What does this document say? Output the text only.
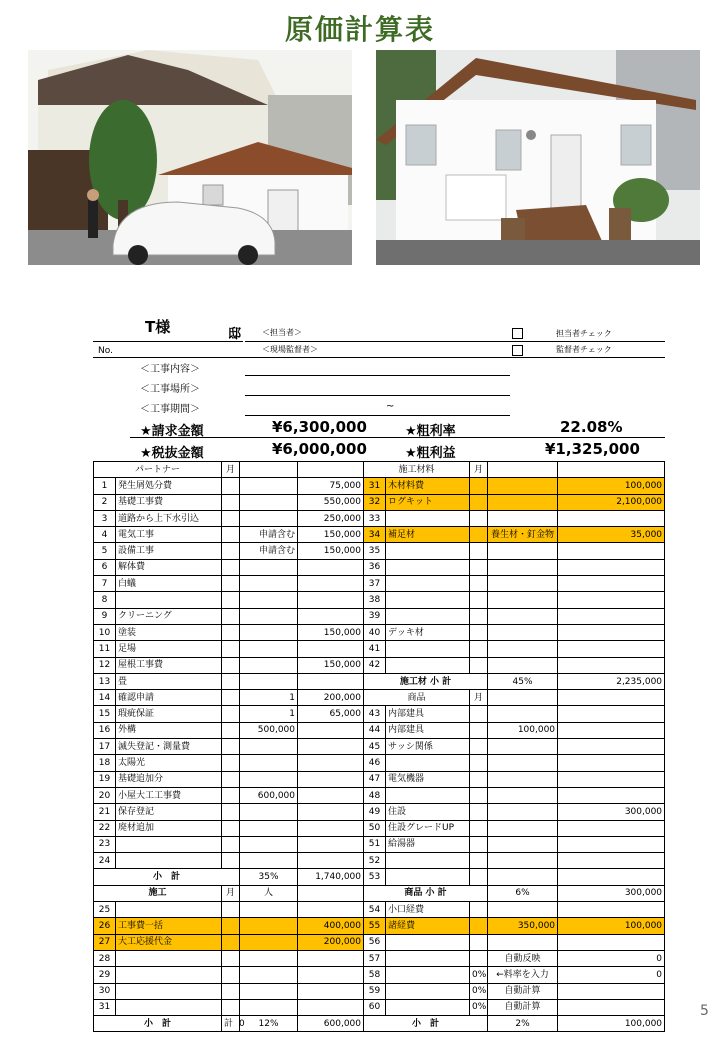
原価計算表
T様	邸	＜担当者＞	担当者チェック
No.	＜現場監督者＞	監督者チェック
＜工事内容＞
＜工事場所＞
＜工事期間＞	~
★請求金額	¥6,300,000	★粗利率	22.08%
★税抜金額	¥6,000,000	★粗利益	¥1,325,000
パートナー		月			施工材料		月		
1	発生屑処分費			75,000	31	木材料費			100,000
2	基礎工事費			550,000	32	ログキット			2,100,000
3	道路から上下水引込			250,000	33				
4	電気工事		申請含む	150,000	34	補足材		養生材・釘金物	35,000
5	設備工事		申請含む	150,000	35				
6	解体費				36				
7	白蟻				37				
8					38				
9	クリーニング				39				
10	塗装			150,000	40	デッキ材			
11	足場				41				
12	屋根工事費			150,000	42				
13	畳				施工材 小 計			45%	2,235,000
14	確認申請		1	200,000	商品		月		
15	瑕疵保証		1	65,000	43	内部建具			
16	外構		500,000		44	内部建具		100,000	
17	滅失登記・測量費				45	サッシ関係			
18	太陽光				46				
19	基礎追加分				47	電気機器			
20	小屋大工工事費		600,000		48				
21	保存登記				49	住設			300,000
22	廃材追加				50	住設グレードUP			
23					51	給湯器			
24					52				
小　計			35%	1,740,000	53				
施工		月	人		商品 小 計			6%	300,000
25					54	小口経費			
26	工事費一括			400,000	55	諸経費		350,000	100,000
27	大工応援代金			200,000	56				
28					57			自動反映	0
29					58		0%	←料率を入力	0
30					59		0%	自動計算	
31					60		0%	自動計算	
小　計		計 0	12%	600,000	小　計			2%	100,000
5
